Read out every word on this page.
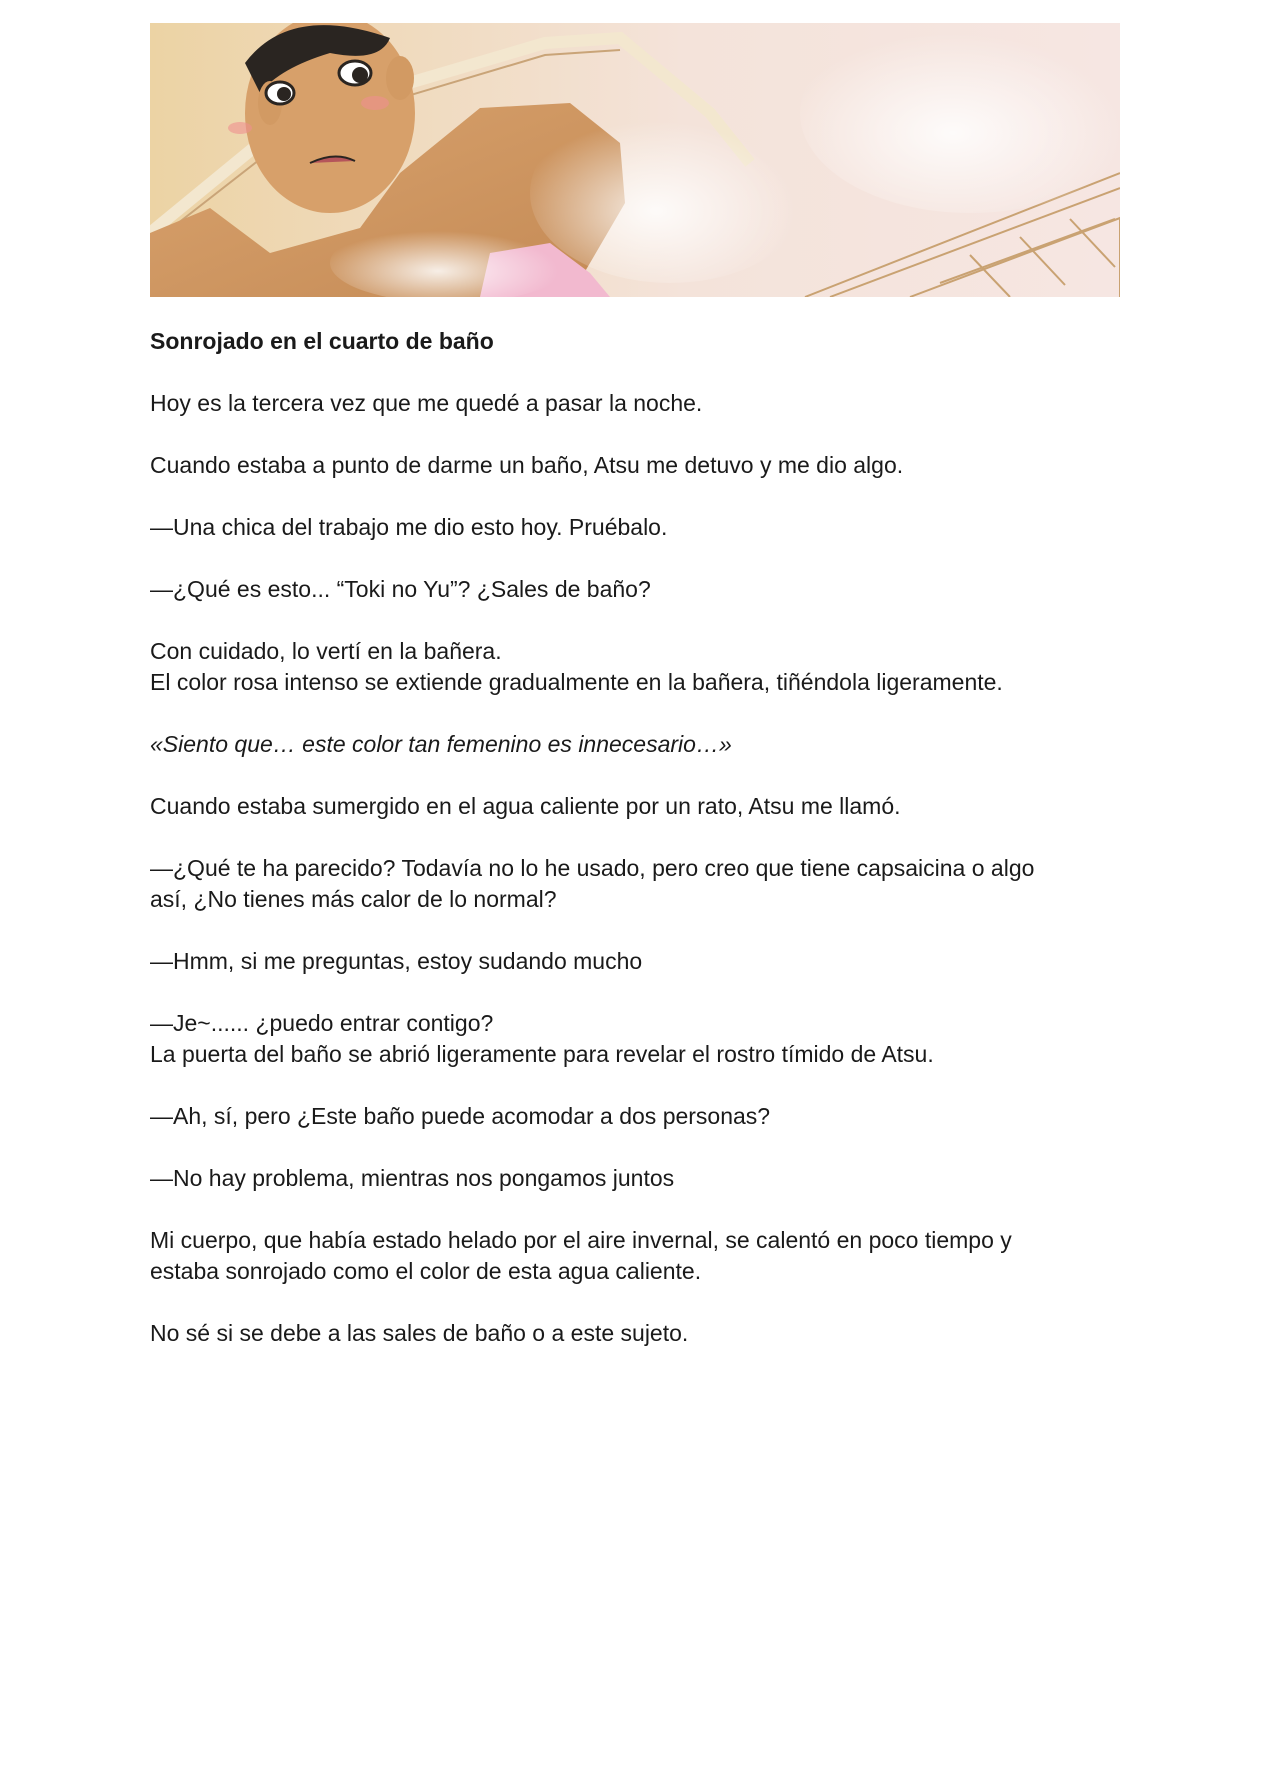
Sonrojado en el cuarto de baño

Hoy es la tercera vez que me quedé a pasar la noche.

Cuando estaba a punto de darme un baño, Atsu me detuvo y me dio algo.

—Una chica del trabajo me dio esto hoy. Pruébalo.

—¿Qué es esto... “Toki no Yu”? ¿Sales de baño?

Con cuidado, lo vertí en la bañera.
El color rosa intenso se extiende gradualmente en la bañera, tiñéndola ligeramente.

«Siento que… este color tan femenino es innecesario…»

Cuando estaba sumergido en el agua caliente por un rato, Atsu me llamó.

—¿Qué te ha parecido? Todavía no lo he usado, pero creo que tiene capsaicina o algo
así, ¿No tienes más calor de lo normal?

—Hmm, si me preguntas, estoy sudando mucho

—Je~...... ¿puedo entrar contigo?
La puerta del baño se abrió ligeramente para revelar el rostro tímido de Atsu.

—Ah, sí, pero ¿Este baño puede acomodar a dos personas?

—No hay problema, mientras nos pongamos juntos

Mi cuerpo, que había estado helado por el aire invernal, se calentó en poco tiempo y
estaba sonrojado como el color de esta agua caliente.

No sé si se debe a las sales de baño o a este sujeto.
